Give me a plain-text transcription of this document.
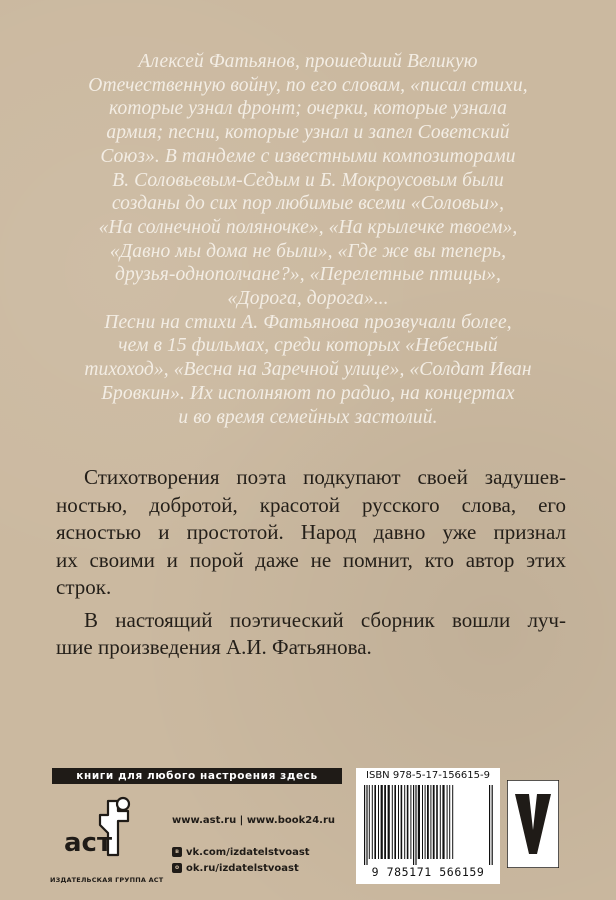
Алексей Фатьянов, прошедший Великую
Отечественную войну, по его словам, «писал стихи,
которые узнал фронт; очерки, которые узнала
армия; песни, которые узнал и запел Советский
Союз». В тандеме с известными композиторами
В. Соловьевым-Седым и Б. Мокроусовым были
созданы до сих пор любимые всеми «Соловьи»,
«На солнечной поляночке», «На крылечке твоем»,
«Давно мы дома не были», «Где же вы теперь,
друзья-однополчане?», «Перелетные птицы»,
«Дорога, дорога»...
Песни на стихи А. Фатьянова прозвучали более,
чем в 15 фильмах, среди которых «Небесный
тихоход», «Весна на Заречной улице», «Солдат Иван
Бровкин». Их исполняют по радио, на концертах
и во время семейных застолий.
Стихотворения поэта подкупают своей задушев-
ностью, добротой, красотой русского слова, его
ясностью и простотой. Народ давно уже признал
их своими и порой даже не помнит, кто автор этих
строк.
В настоящий поэтический сборник вошли луч-
шие произведения А.И. Фатьянова.
книги для любого настроения здесь
аст
ИЗДАТЕЛЬСКАЯ ГРУППА АСТ
www.ast.ru | www.book24.ru
в vk.com/izdatelstvoast
о ok.ru/izdatelstvoast
ISBN 978-5-17-156615-9
9 785171 566159	V
